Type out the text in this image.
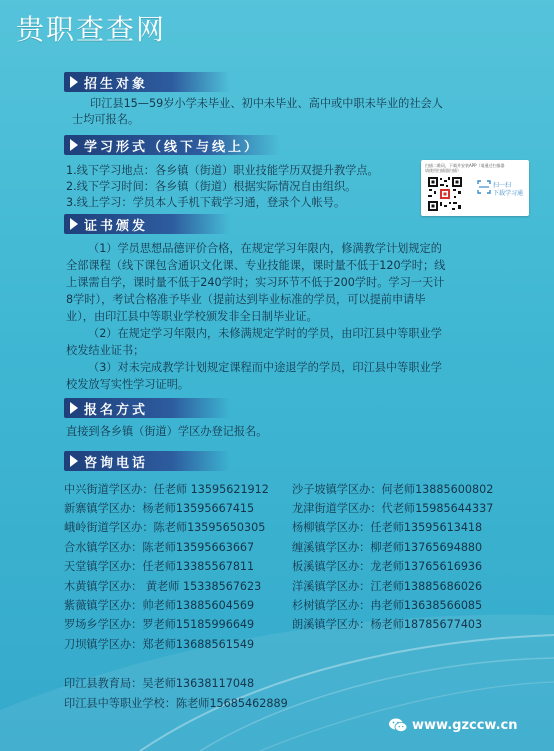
贵职查查网
招生对象
印江县15—59岁小学未毕业、初中未毕业、高中或中职未毕业的社会人
士均可报名。
学习形式（线下与线上）
1.线下学习地点：各乡镇（街道）职业技能学历双提升教学点。
2.线下学习时间：各乡镇（街道）根据实际情况自由组织。
3.线上学习：学员本人手机下载学习通，登录个人帐号。
扫描二维码，下载并安装APP（请通过扫描器
请使用扫描器扫描）
扫一扫
下载学习通
证书颁发
（1）学员思想品德评价合格，在规定学习年限内，修满教学计划规定的
全部课程（线下课包含通识文化课、专业技能课，课时量不低于120学时；线
上课需自学，课时量不低于240学时；实习环节不低于200学时。学习一天计
8学时），考试合格准予毕业（提前达到毕业标准的学员，可以提前申请毕
业），由印江县中等职业学校颁发非全日制毕业证。
（2）在规定学习年限内，未修满规定学时的学员，由印江县中等职业学
校发结业证书；
（3）对未完成教学计划规定课程而中途退学的学员，印江县中等职业学
校发放写实性学习证明。
报名方式
直接到各乡镇（街道）学区办登记报名。
咨询电话
中兴街道学区办：任老师 13595621912	沙子坡镇学区办：何老师13885600802
新寨镇学区办：杨老师13595667415	龙津街道学区办：代老师15985644337
峨岭街道学区办：陈老师13595650305	杨柳镇学区办：任老师13595613418
合水镇学区办：陈老师13595663667	缠溪镇学区办：柳老师13765694880
天堂镇学区办：任老师13385567811	板溪镇学区办：龙老师13765616936
木黄镇学区办： 黄老师 15338567623	洋溪镇学区办：江老师13885686026
紫薇镇学区办：帅老师13885604569	杉树镇学区办：冉老师13638566085
罗场乡学区办：罗老师15185996649	朗溪镇学区办：杨老师18785677403
刀坝镇学区办：郑老师13688561549
印江县教育局：吴老师13638117048
印江县中等职业学校：陈老师15685462889
www.gzccw.cn
